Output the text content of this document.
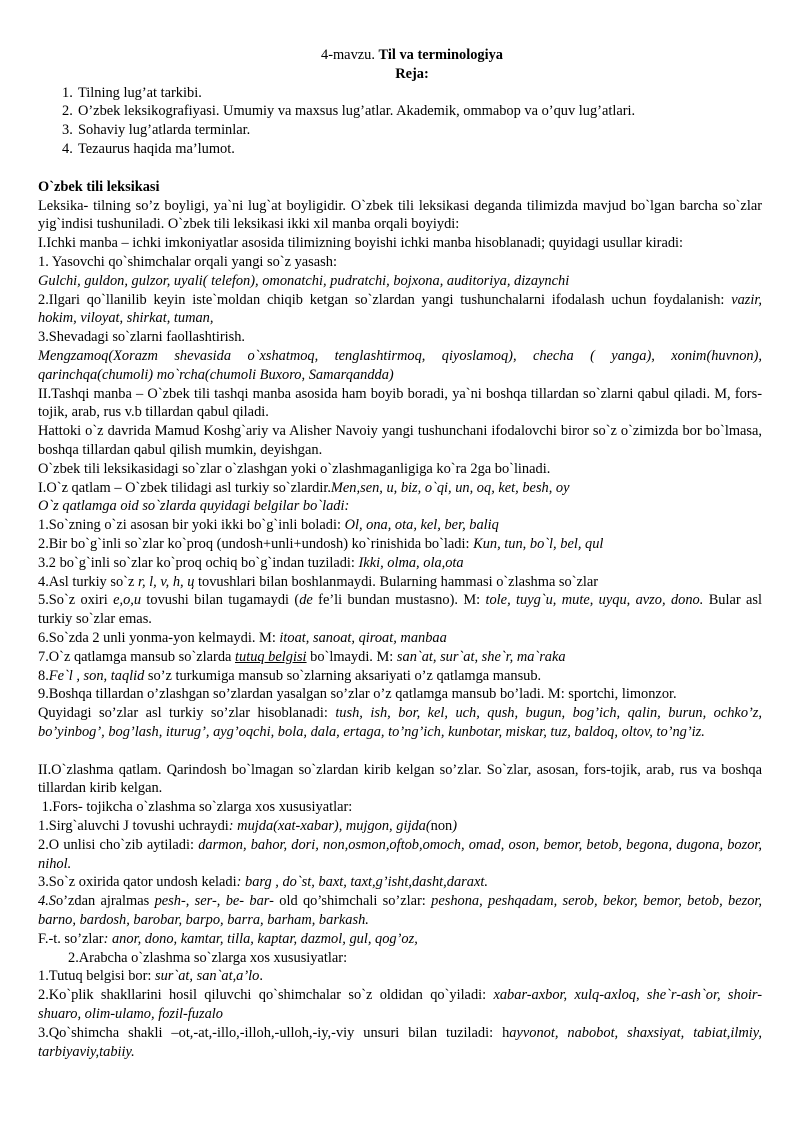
4-mavzu. Til va terminologiya
Reja:
1. Tilning lug’at tarkibi.
2. O’zbek leksikografiyasi. Umumiy va maxsus lug’atlar. Akademik, ommabop va o’quv lug’atlari.
3. Sohaviy lug’atlarda terminlar.
4. Tezaurus haqida ma’lumot.
O`zbek tili leksikasi

Leksika- tilning so’z boyligi, ya`ni lug`at boyligidir. O`zbek tili leksikasi deganda tilimizda mavjud bo`lgan barcha so`zlar yig`indisi tushuniladi. O`zbek tili leksikasi ikki xil manba orqali boyiydi:

I.Ichki manba – ichki imkoniyatlar asosida tilimizning boyishi ichki manba hisoblanadi; quyidagi usullar kiradi:

1. Yasovchi qo`shimchalar orqali yangi so`z yasash:

Gulchi, guldon, gulzor, uyali( telefon), omonatchi, pudratchi, bojxona, auditoriya, dizaynchi

2.Ilgari qo`llanilib keyin iste`moldan chiqib ketgan so`zlardan yangi tushunchalarni ifodalash uchun foydalanish: vazir, hokim, viloyat, shirkat, tuman,

3.Shevadagi so`zlarni faollashtirish.

Mengzamoq(Xorazm shevasida o`xshatmoq, tenglashtirmoq, qiyoslamoq), checha ( yanga), xonim(huvnon), qarinchqa(chumoli) mo`rcha(chumoli Buxoro, Samarqandda)

II.Tashqi manba – O`zbek tili tashqi manba asosida ham boyib boradi, ya`ni boshqa tillardan so`zlarni qabul qiladi. M, fors-tojik, arab, rus v.b tillardan qabul qiladi.

Hattoki o`z davrida Mamud Koshg`ariy va Alisher Navoiy yangi tushunchani ifodalovchi biror so`z o`zimizda bor bo`lmasa, boshqa tillardan qabul qilish mumkin, deyishgan.

O`zbek tili leksikasidagi so`zlar o`zlashgan yoki o`zlashmaganligiga ko`ra 2ga bo`linadi.

I.O`z qatlam – O`zbek tilidagi asl turkiy so`zlardir.Men,sen, u, biz, o`qi, un, oq, ket, besh, oy

O`z qatlamga oid so`zlarda quyidagi belgilar bo`ladi:

1.So`zning o`zi asosan bir yoki ikki bo`g`inli boladi: Ol, ona, ota, kel, ber, baliq

2.Bir bo`g`inli so`zlar ko`proq (undosh+unli+undosh) ko`rinishida bo`ladi: Kun, tun, bo`l, bel, qul

3.2 bo`g`inli so`zlar ko`proq ochiq bo`g`indan tuziladi: Ikki, olma, ola,ota

4.Asl turkiy so`z r, l, v, h, ц tovushlari bilan boshlanmaydi. Bularning hammasi o`zlashma so`zlar

5.So`z oxiri e,o,u tovushi bilan tugamaydi (de fe’li bundan mustasno). M: tole, tuyg`u, mute, uyqu, avzo, dono. Bular asl turkiy so`zlar emas.

6.So`zda 2 unli yonma-yon kelmaydi. M: itoat, sanoat, qiroat, manbaa

7.O`z qatlamga mansub so`zlarda tutuq belgisi bo`lmaydi. M: san`at, sur`at, she`r, ma`raka

8.Fe`l , son, taqlid so’z turkumiga mansub so`zlarning aksariyati o’z qatlamga mansub.

9.Boshqa tillardan o’zlashgan so’zlardan yasalgan so’zlar o’z qatlamga mansub bo’ladi. M: sportchi, limonzor.

Quyidagi so’zlar asl turkiy so’zlar hisoblanadi: tush, ish, bor, kel, uch, qush, bugun, bog’ich, qalin, burun, ochko’z, bo’yinbog’, bog’lash, iturug’, ayg’oqchi, bola, dala, ertaga, to’ng’ich, kunbotar, miskar, tuz, baldoq, oltov, to’ng’iz.

II.O`zlashma qatlam. Qarindosh bo`lmagan so`zlardan kirib kelgan so’zlar. So`zlar, asosan, fors-tojik, arab, rus va boshqa tillardan kirib kelgan.

1.Fors- tojikcha o`zlashma so`zlarga xos xususiyatlar:

1.Sirg`aluvchi J tovushi uchraydi: mujda(xat-xabar), mujgon, gijda(non)

2.O unlisi cho`zib aytiladi: darmon, bahor, dori, non,osmon,oftob,omoch, omad, oson, bemor, betob, begona, dugona, bozor, nihol.

3.So`z oxirida qator undosh keladi: barg , do`st, baxt, taxt,g’isht,dasht,daraxt.

4.So’zdan ajralmas pesh-, ser-, be- bar- old qo’shimchali so’zlar: peshona, peshqadam, serob, bekor, bemor, betob, bezor, barno, bardosh, barobar, barpo, barra, barham, barkash.

F.-t. so’zlar: anor, dono, kamtar, tilla, kaptar, dazmol, gul, qog’oz,

2.Arabcha o`zlashma so`zlarga xos xususiyatlar:

1.Tutuq belgisi bor: sur`at, san`at,a’lo.

2.Ko`plik shakllarini hosil qiluvchi qo`shimchalar so`z oldidan qo`yiladi: xabar-axbor, xulq-axloq, she`r-ash`or, shoir-shuaro, olim-ulamo, fozil-fuzalo

3.Qo`shimcha shakli –ot,-at,-illo,-illoh,-ulloh,-iy,-viy unsuri bilan tuziladi: hayvonot, nabobot, shaxsiyat, tabiat,ilmiy, tarbiyaviy,tabiiy.
